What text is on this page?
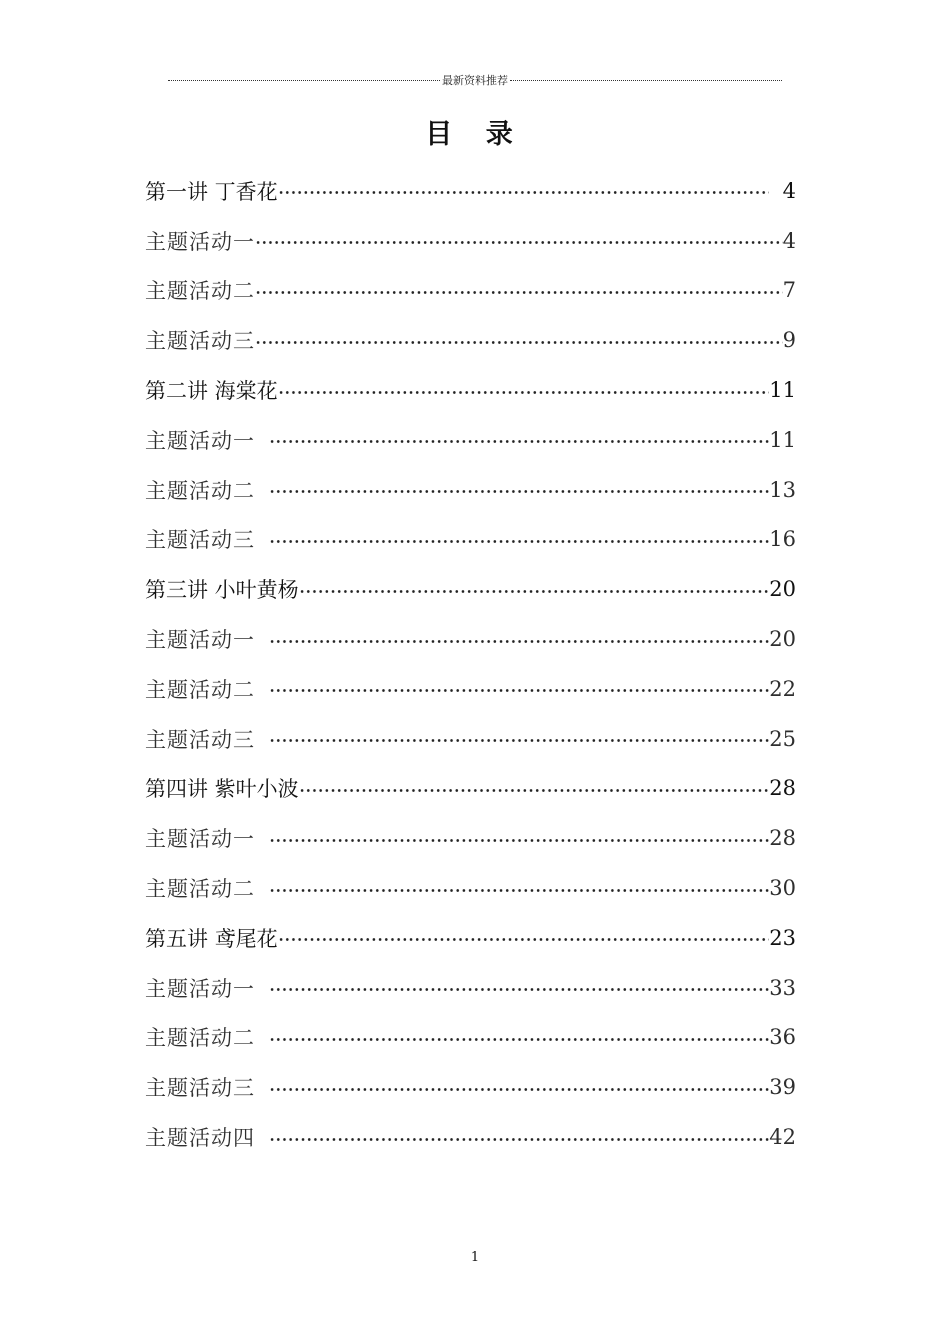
最新资料推荐
目 录
第一讲 丁香花	4
主题活动一	4
主题活动二	7
主题活动三	9
第二讲 海棠花	11
主题活动一	11
主题活动二	13
主题活动三	16
第三讲 小叶黄杨	20
主题活动一	20
主题活动二	22
主题活动三	25
第四讲 紫叶小波	28
主题活动一	28
主题活动二	30
第五讲 鸢尾花	23
主题活动一	33
主题活动二	36
主题活动三	39
主题活动四	42
1
